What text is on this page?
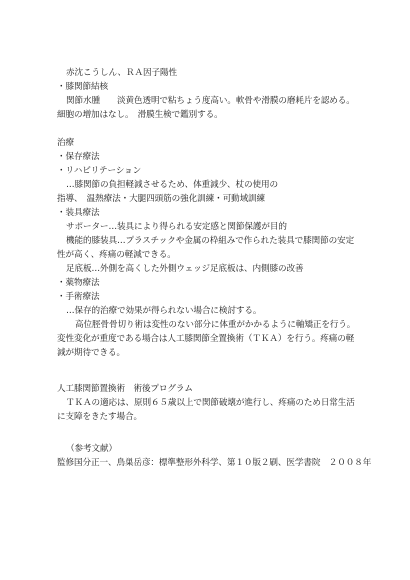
赤沈こうしん、ＲＡ因子陽性
・膝関節結核
関節水腫　　淡黄色透明で粘ちょう度高い。軟骨や滑膜の磨耗片を認める。
細胞の増加はなし。　滑膜生検で鑑別する。
治療
・保存療法
・リハビリテーション
…膝関節の負担軽減させるため、体重減少、杖の使用の
指導、　温熱療法・大腿四頭筋の強化訓練・可動域訓練
・装具療法
サポーター…装具により得られる安定感と関節保護が目的
機能的膝装具…プラスチックや金属の枠組みで作られた装具で膝関節の安定
性が高く、疼痛の軽減できる。
足底板…外側を高くした外側ウェッジ足底板は、内側膝の改善
・薬物療法
・手術療法
…保存的治療で効果が得られない場合に検討する。
高位脛骨骨切り術は変性のない部分に体重がかかるように軸矯正を行う。
変性変化が重度である場合は人工膝関節全置換術（ＴＫＡ）を行う。疼痛の軽
減が期待できる。
人工膝関節置換術　術後プログラム
ＴＫＡの適応は、原則６５歳以上で関節破壊が進行し、疼痛のため日常生活
に支障をきたす場合。
（参考文献）
監修国分正一、鳥巣岳彦：標準整形外科学、第１０版２刷、医学書院　２００８年
